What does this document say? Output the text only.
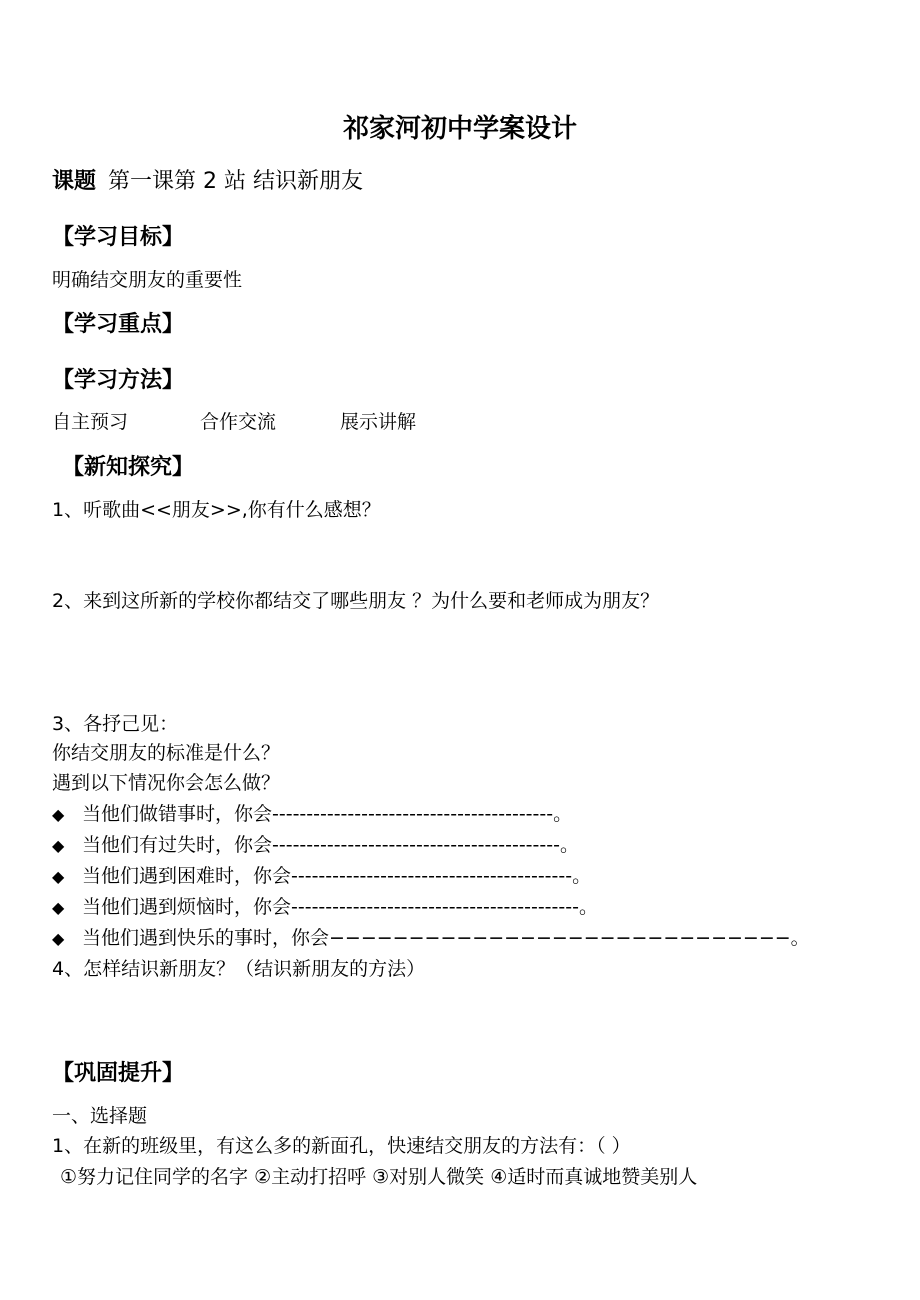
祁家河初中学案设计
课题 第一课第 2 站 结识新朋友
【学习目标】
明确结交朋友的重要性
【学习重点】
【学习方法】
自主预习	合作交流	展示讲解
【新知探究】
1、听歌曲<<朋友>>,你有什么感想？
2、来到这所新的学校你都结交了哪些朋友 ？为什么要和老师成为朋友？
3、各抒己见：
你结交朋友的标准是什么？
遇到以下情况你会怎么做？
◆ 当他们做错事时，你会-----------------------------------------。
◆ 当他们有过失时，你会------------------------------------------。
◆ 当他们遇到困难时，你会-----------------------------------------。
◆ 当他们遇到烦恼时，你会------------------------------------------。
◆ 当他们遇到快乐的事时，你会−−−−−−−−−−−−−−−−−−−−−−−−−−−−−。
4、怎样结识新朋友？（结识新朋友的方法）
【巩固提升】
一、选择题
1、在新的班级里，有这么多的新面孔，快速结交朋友的方法有：（ ）
①努力记住同学的名字 ②主动打招呼 ③对别人微笑 ④适时而真诚地赞美别人
